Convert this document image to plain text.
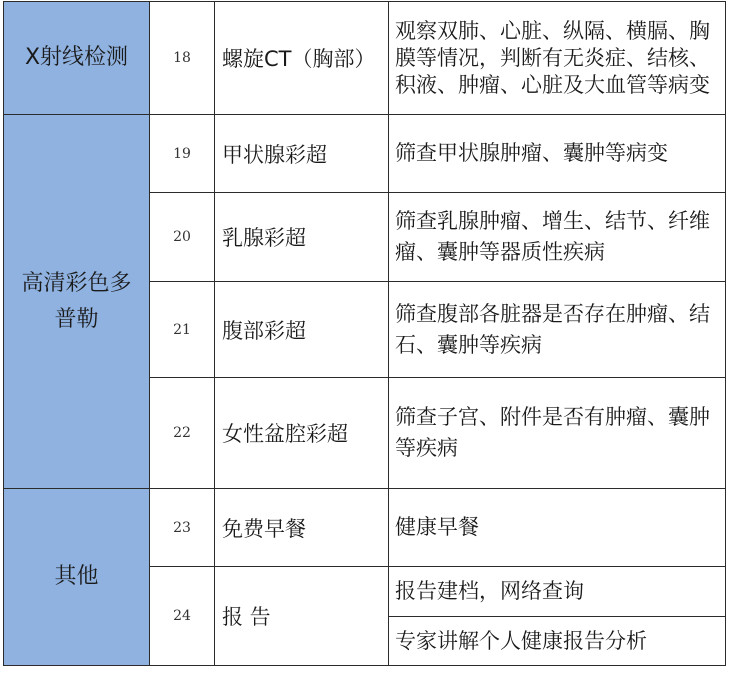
X射线检测
高清彩色多普勒
其他
18 螺旋CT（胸部）
观察双肺、心脏、纵隔、横膈、胸膜等情况，判断有无炎症、结核、积液、肿瘤、心脏及大血管等病变
19 甲状腺彩超	筛查甲状腺肿瘤、囊肿等病变
20 乳腺彩超
筛查乳腺肿瘤、增生、结节、纤维瘤、囊肿等器质性疾病
21 腹部彩超
筛查腹部各脏器是否存在肿瘤、结石、囊肿等疾病
22 女性盆腔彩超
筛查子宫、附件是否有肿瘤、囊肿等疾病
23 免费早餐	健康早餐
24 报 告
报告建档，网络查询
专家讲解个人健康报告分析
